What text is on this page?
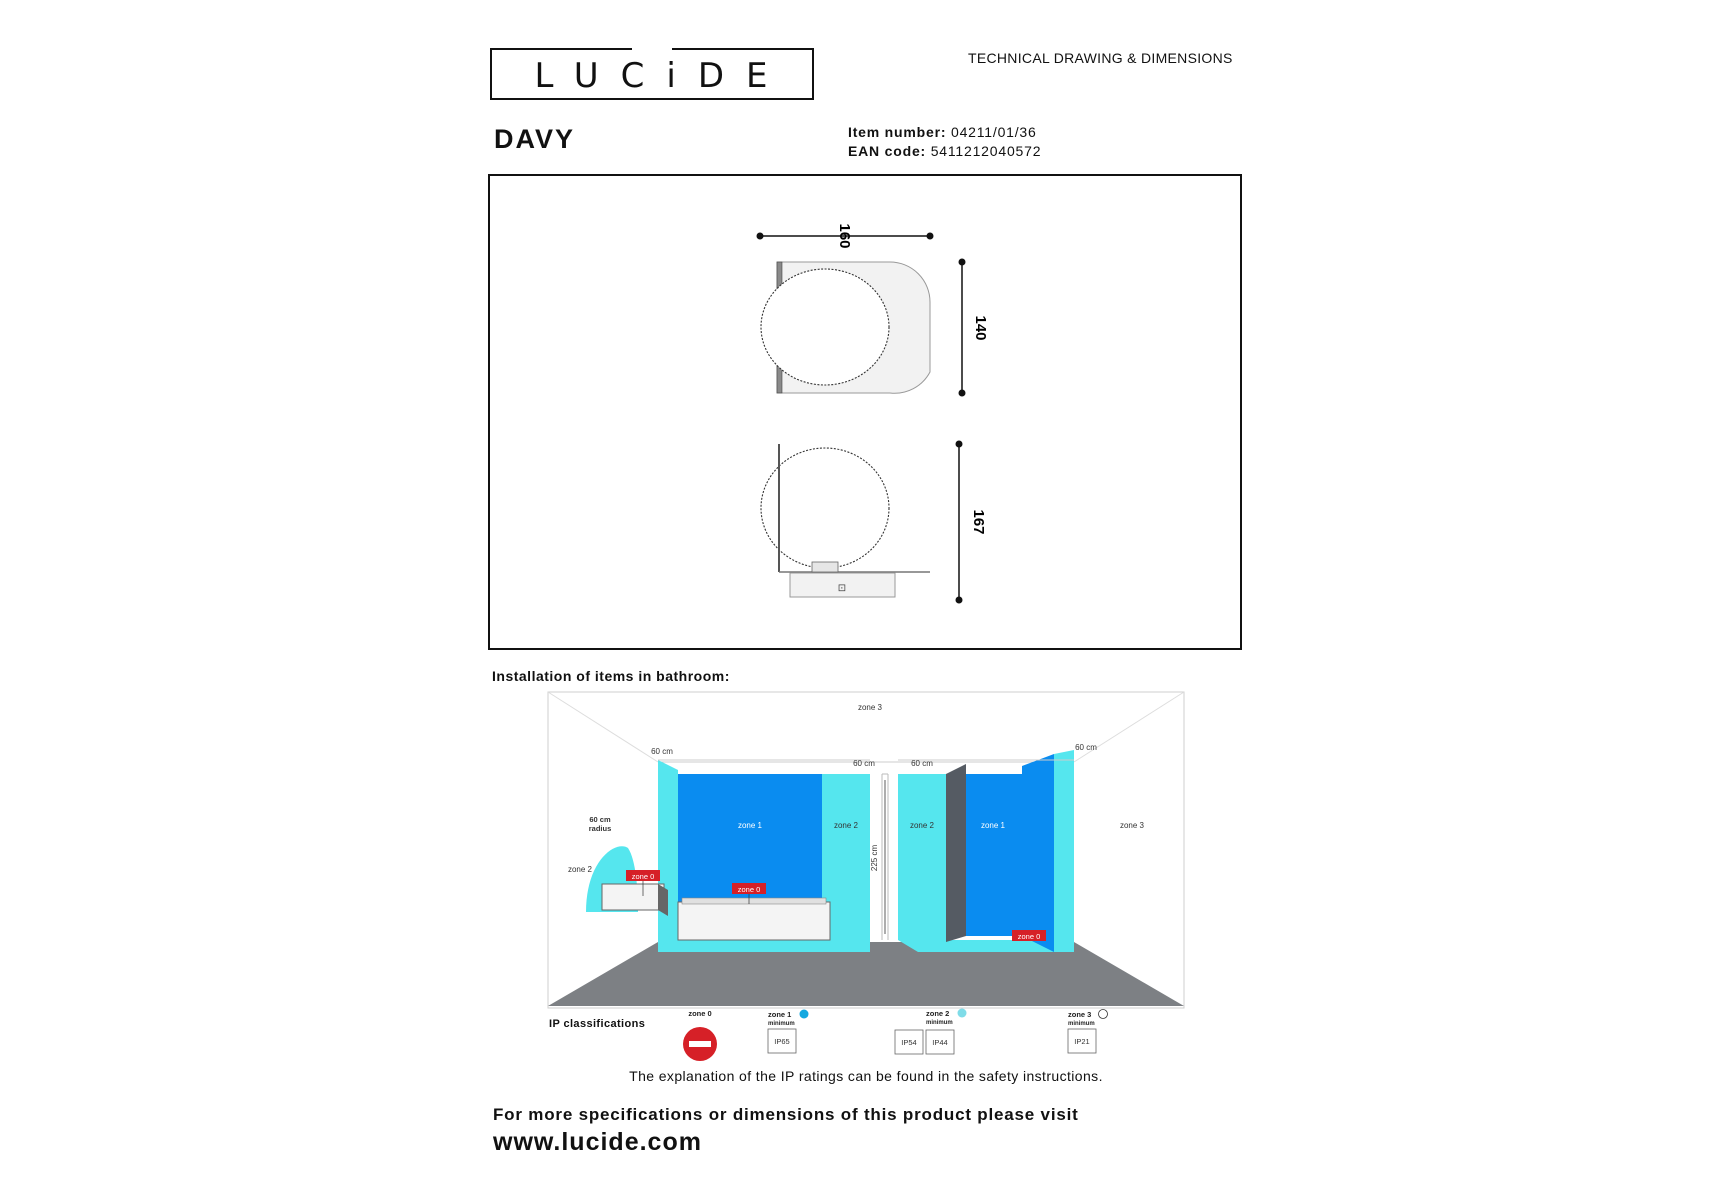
LUCiDE	TECHNICAL DRAWING & DIMENSIONS
DAVY	Item number: 04211/01/36
EAN code: 5411212040572
160
140
⊡
167
Installation of items in bathroom:
zone 3
zone 3
zone 1	zone 2	zone 2	zone 1
zone 2
zone 0
zone 0
zone 0
60 cm
60 cm	60 cm
60 cm
60 cm
radius
225 cm
IP classifications
zone 0	zone 1
minimum
IP65
zone 2
minimum
IP54 IP44
zone 3
minimum
IP21
The explanation of the IP ratings can be found in the safety instructions.
For more specifications or dimensions of this product please visit
www.lucide.com
